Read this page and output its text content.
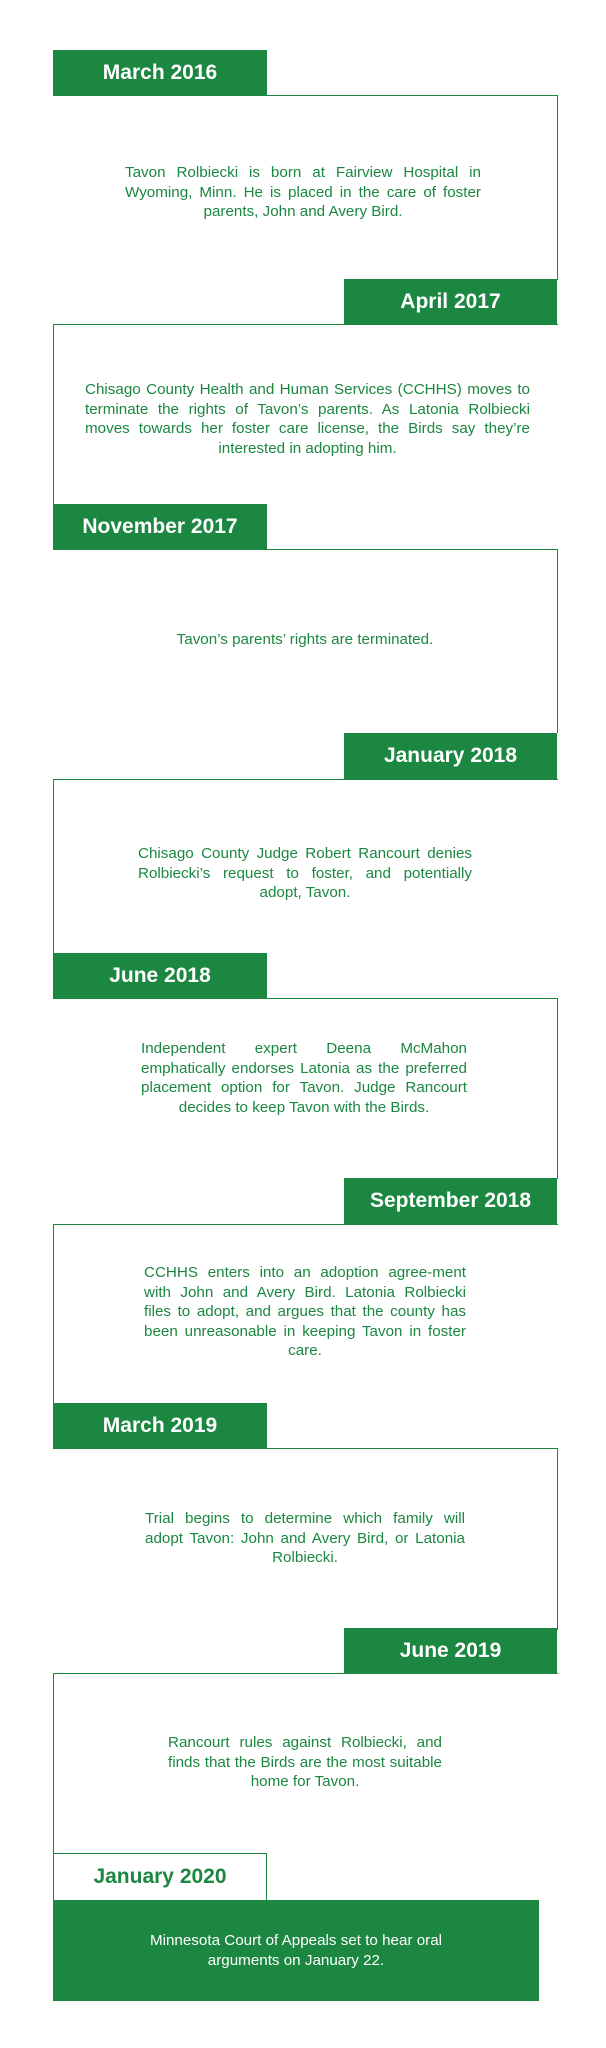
March 2016
April 2017
November 2017
January 2018
June 2018
September 2018
March 2019
June 2019
January 2020
Tavon Rolbiecki is born at Fairview Hospital in Wyoming, Minn. He is placed in the care of foster parents, John and Avery Bird.
Chisago County Health and Human Services (CCHHS) moves to terminate the rights of Tavon’s parents. As Latonia Rolbiecki moves towards her foster care license, the Birds say they’re interested in adopting him.
Tavon’s parents’ rights are terminated.
Chisago County Judge Robert Rancourt denies Rolbiecki’s request to foster, and potentially adopt, Tavon.
Independent expert Deena McMahon emphatically endorses Latonia as the preferred placement option for Tavon. Judge Rancourt decides to keep Tavon with the Birds.
CCHHS enters into an adoption agree-ment with John and Avery Bird. Latonia Rolbiecki files to adopt, and argues that the county has been unreasonable in keeping Tavon in foster care.
Trial begins to determine which family will adopt Tavon: John and Avery Bird, or Latonia Rolbiecki.
Rancourt rules against Rolbiecki, and finds that the Birds are the most suitable home for Tavon.
Minnesota Court of Appeals set to hear oral arguments on January 22.
